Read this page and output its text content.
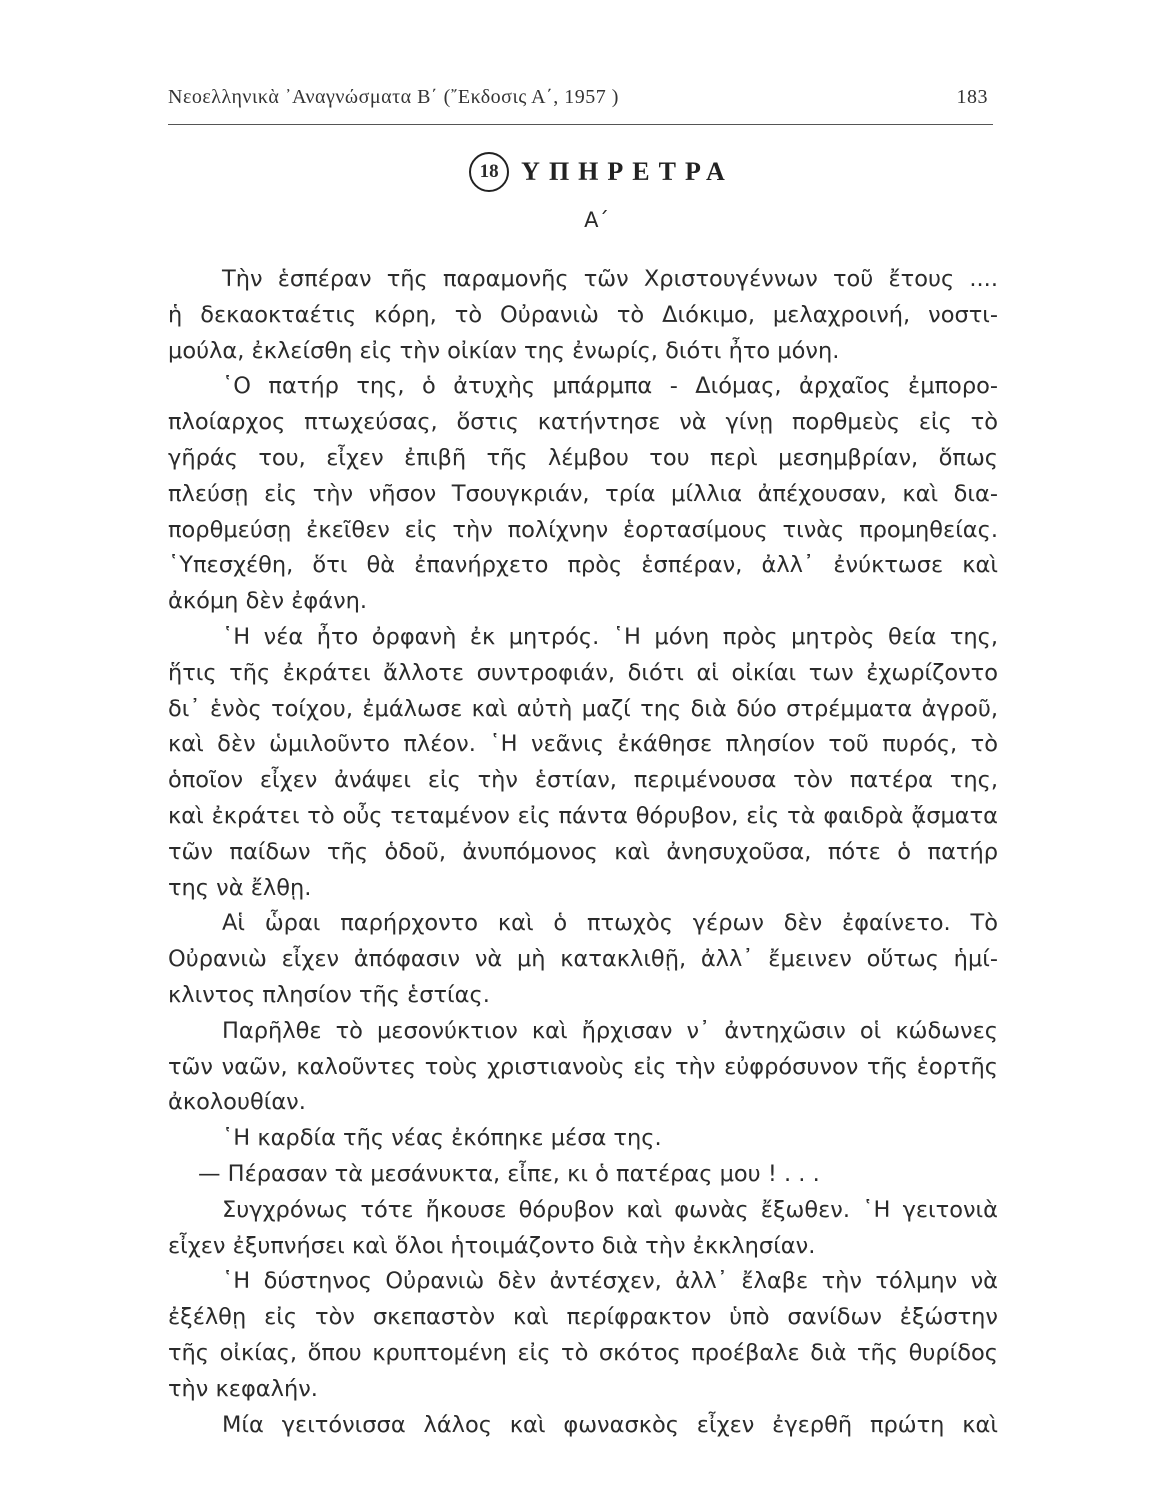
Νεοελληνικὰ ᾿Αναγνώσματα Β΄ (῎Εκδοσις Α΄, 1957 )	183
18 ΥΠΗΡΕΤΡΑ
Α΄
Τὴν ἑσπέραν τῆς παραμονῆς τῶν Χριστουγέννων τοῦ ἔτους ....
ἡ δεκαοκταέτις κόρη, τὸ Οὐρανιὼ τὸ Διόκιμο, μελαχροινή, νοστι-
μούλα, ἐκλείσθη εἰς τὴν οἰκίαν της ἐνωρίς, διότι ἦτο μόνη.
῾Ο πατήρ της, ὁ ἀτυχὴς μπάρμπα - Διόμας, ἀρχαῖος ἐμπορο-
πλοίαρχος πτωχεύσας, ὅστις κατήντησε νὰ γίνῃ πορθμεὺς εἰς τὸ
γῆράς του, εἶχεν ἐπιβῆ τῆς λέμβου του περὶ μεσημβρίαν, ὅπως
πλεύσῃ εἰς τὴν νῆσον Τσουγκριάν, τρία μίλλια ἀπέχουσαν, καὶ δια-
πορθμεύσῃ ἐκεῖθεν εἰς τὴν πολίχνην ἑορτασίμους τινὰς προμηθείας.
῾Υπεσχέθη, ὅτι θὰ ἐπανήρχετο πρὸς ἑσπέραν, ἀλλ᾽ ἐνύκτωσε καὶ
ἀκόμη δὲν ἐφάνη.
῾Η νέα ἦτο ὀρφανὴ ἐκ μητρός. ῾Η μόνη πρὸς μητρὸς θεία της,
ἥτις τῆς ἐκράτει ἄλλοτε συντροφιάν, διότι αἱ οἰκίαι των ἐχωρίζοντο
δι᾽ ἑνὸς τοίχου, ἐμάλωσε καὶ αὐτὴ μαζί της διὰ δύο στρέμματα ἀγροῦ,
καὶ δὲν ὡμιλοῦντο πλέον. ῾Η νεᾶνις ἐκάθησε πλησίον τοῦ πυρός, τὸ
ὁποῖον εἶχεν ἀνάψει εἰς τὴν ἑστίαν, περιμένουσα τὸν πατέρα της,
καὶ ἐκράτει τὸ οὖς τεταμένον εἰς πάντα θόρυβον, εἰς τὰ φαιδρὰ ᾄσματα
τῶν παίδων τῆς ὁδοῦ, ἀνυπόμονος καὶ ἀνησυχοῦσα, πότε ὁ πατήρ
της νὰ ἔλθῃ.
Αἱ ὧραι παρήρχοντο καὶ ὁ πτωχὸς γέρων δὲν ἐφαίνετο. Τὸ
Οὐρανιὼ εἶχεν ἀπόφασιν νὰ μὴ κατακλιθῇ, ἀλλ᾽ ἔμεινεν οὕτως ἡμί-
κλιντος πλησίον τῆς ἑστίας.
Παρῆλθε τὸ μεσονύκτιον καὶ ἤρχισαν ν᾽ ἀντηχῶσιν οἱ κώδωνες
τῶν ναῶν, καλοῦντες τοὺς χριστιανοὺς εἰς τὴν εὐφρόσυνον τῆς ἑορτῆς
ἀκολουθίαν.
῾Η καρδία τῆς νέας ἐκόπηκε μέσα της.
— Πέρασαν τὰ μεσάνυκτα, εἶπε, κι ὁ πατέρας μου ! . . .
Συγχρόνως τότε ἤκουσε θόρυβον καὶ φωνὰς ἔξωθεν. ῾Η γειτονιὰ
εἶχεν ἐξυπνήσει καὶ ὅλοι ἡτοιμάζοντο διὰ τὴν ἐκκλησίαν.
῾Η δύστηνος Οὐρανιὼ δὲν ἀντέσχεν, ἀλλ᾽ ἔλαβε τὴν τόλμην νὰ
ἐξέλθῃ εἰς τὸν σκεπαστὸν καὶ περίφρακτον ὑπὸ σανίδων ἐξώστην
τῆς οἰκίας, ὅπου κρυπτομένη εἰς τὸ σκότος προέβαλε διὰ τῆς θυρίδος
τὴν κεφαλήν.
Μία γειτόνισσα λάλος καὶ φωνασκὸς εἶχεν ἐγερθῆ πρώτη καὶ
